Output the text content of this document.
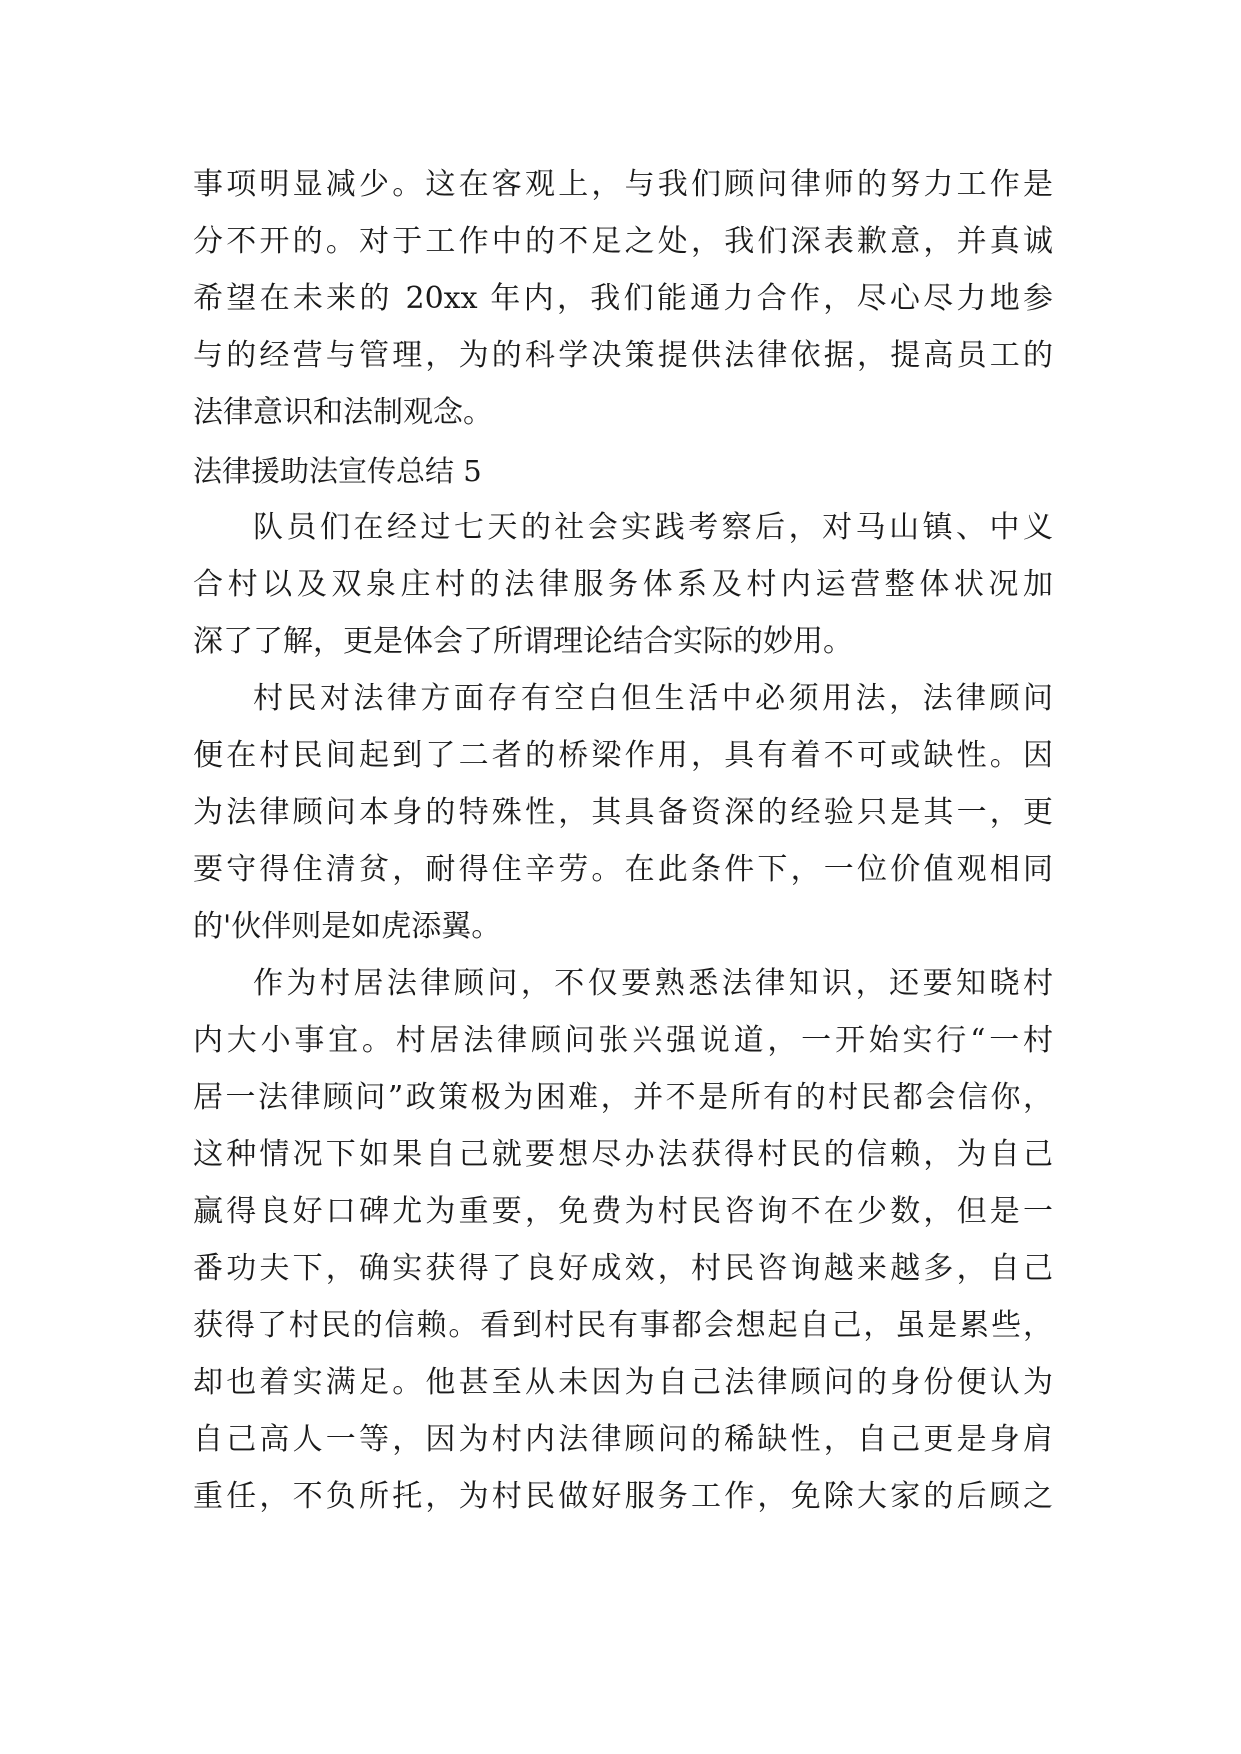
事项明显减少。这在客观上，与我们顾问律师的努力工作是
分不开的。对于工作中的不足之处，我们深表歉意，并真诚
希望在未来的 20xx 年内，我们能通力合作，尽心尽力地参
与的经营与管理，为的科学决策提供法律依据，提高员工的
法律意识和法制观念。
法律援助法宣传总结 5
队员们在经过七天的社会实践考察后，对马山镇、中义
合村以及双泉庄村的法律服务体系及村内运营整体状况加
深了了解，更是体会了所谓理论结合实际的妙用。
村民对法律方面存有空白但生活中必须用法，法律顾问
便在村民间起到了二者的桥梁作用，具有着不可或缺性。因
为法律顾问本身的特殊性，其具备资深的经验只是其一，更
要守得住清贫，耐得住辛劳。在此条件下，一位价值观相同
的'伙伴则是如虎添翼。
作为村居法律顾问，不仅要熟悉法律知识，还要知晓村
内大小事宜。村居法律顾问张兴强说道，一开始实行“一村
居一法律顾问”政策极为困难，并不是所有的村民都会信你，
这种情况下如果自己就要想尽办法获得村民的信赖，为自己
赢得良好口碑尤为重要，免费为村民咨询不在少数，但是一
番功夫下，确实获得了良好成效，村民咨询越来越多，自己
获得了村民的信赖。看到村民有事都会想起自己，虽是累些，
却也着实满足。他甚至从未因为自己法律顾问的身份便认为
自己高人一等，因为村内法律顾问的稀缺性，自己更是身肩
重任，不负所托，为村民做好服务工作，免除大家的后顾之
